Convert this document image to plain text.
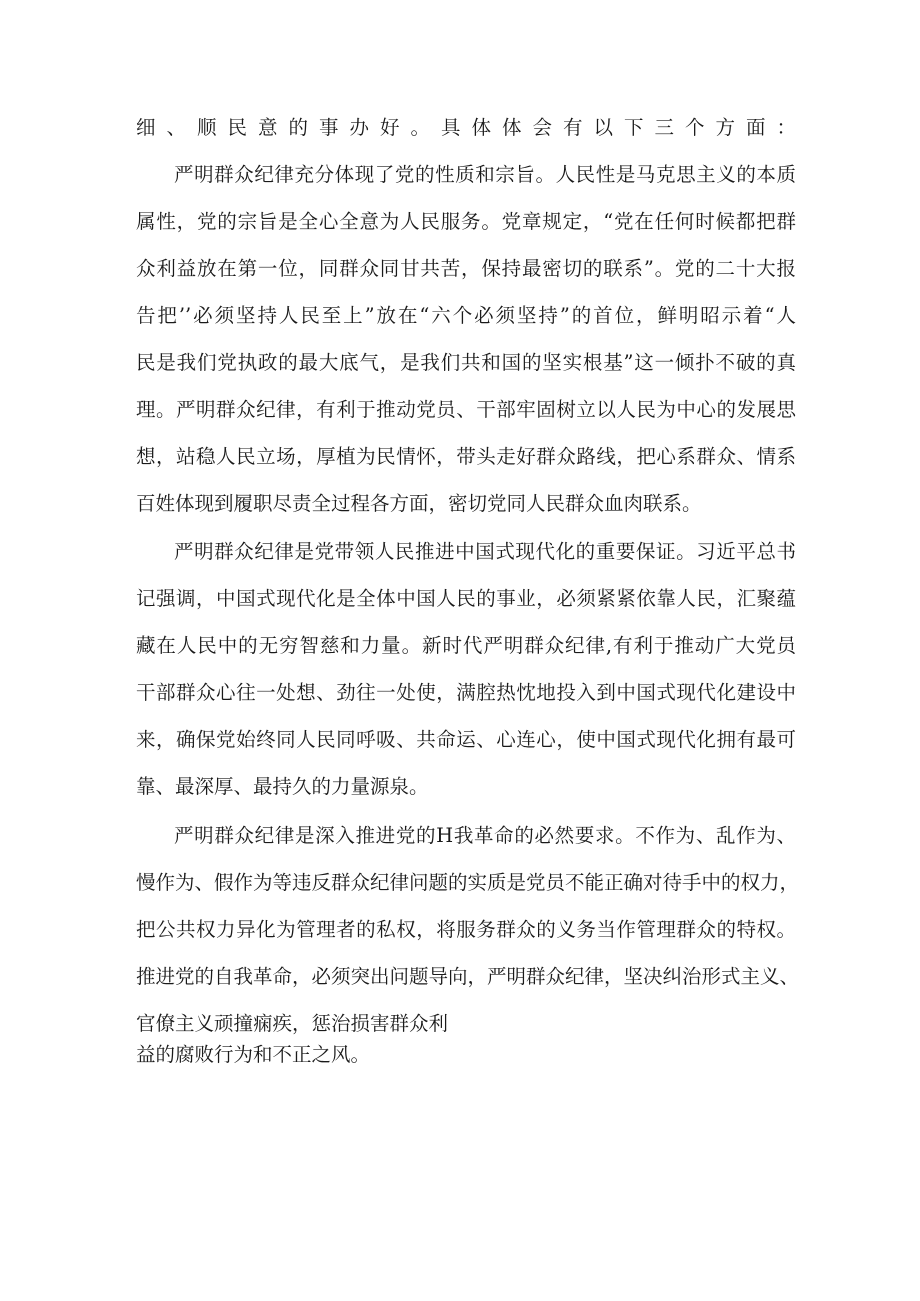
细、顺民意的事办好。具体体会有以下三个方面：
严明群众纪律充分体现了党的性质和宗旨。人民性是马克思主义的本质
属性，党的宗旨是全心全意为人民服务。党章规定，“党在任何时候都把群
众利益放在第一位，同群众同甘共苦，保持最密切的联系”。党的二十大报
告把’’必须坚持人民至上”放在“六个必须坚持”的首位，鲜明昭示着“人
民是我们党执政的最大底气，是我们共和国的坚实根基”这一倾扑不破的真
理。严明群众纪律，有利于推动党员、干部牢固树立以人民为中心的发展思
想，站稳人民立场，厚植为民情怀，带头走好群众路线，把心系群众、情系
百姓体现到履职尽责全过程各方面，密切党同人民群众血肉联系。
严明群众纪律是党带领人民推进中国式现代化的重要保证。习近平总书
记强调，中国式现代化是全体中国人民的事业，必须紧紧依靠人民，汇聚蕴
藏在人民中的无穷智慈和力量。新时代严明群众纪律,有利于推动广大党员
干部群众心往一处想、劲往一处使，满腔热忱地投入到中国式现代化建设中
来，确保党始终同人民同呼吸、共命运、心连心，使中国式现代化拥有最可
靠、最深厚、最持久的力量源泉。
严明群众纪律是深入推进党的H我革命的必然要求。不作为、乱作为、
慢作为、假作为等违反群众纪律问题的实质是党员不能正确对待手中的权力，
把公共权力异化为管理者的私权，将服务群众的义务当作管理群众的特权。
推进党的自我革命，必须突出问题导向，严明群众纪律，坚决纠治形式主义、
官僚主义顽撞痫疾，惩治损害群众利
益的腐败行为和不正之风。
